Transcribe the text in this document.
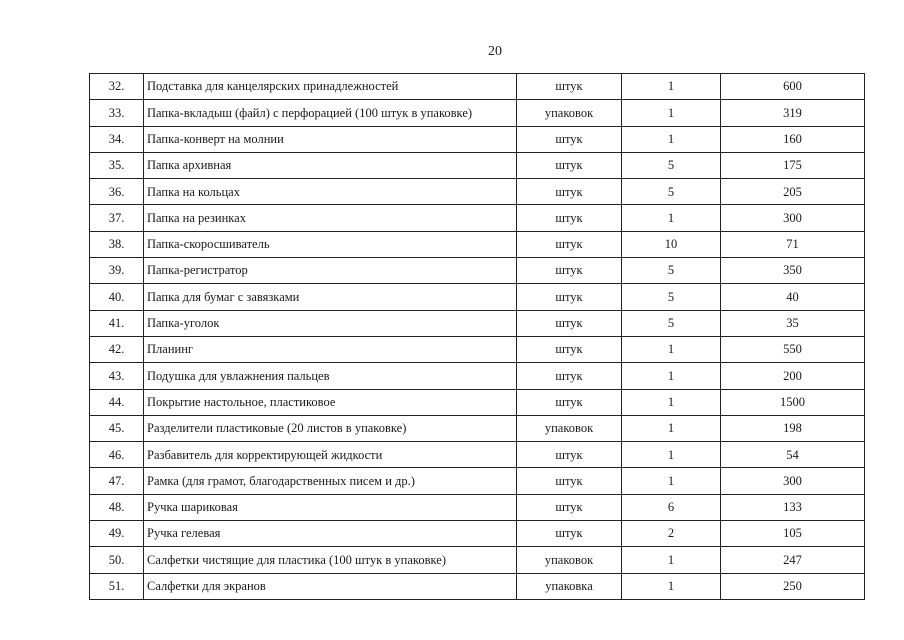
20
32.	Подставка для канцелярских принадлежностей	штук	1	600
33.	Папка-вкладыш (файл) с перфорацией (100 штук в упаковке)	упаковок	1	319
34.	Папка-конверт на молнии	штук	1	160
35.	Папка архивная	штук	5	175
36.	Папка на кольцах	штук	5	205
37.	Папка на резинках	штук	1	300
38.	Папка-скоросшиватель	штук	10	71
39.	Папка-регистратор	штук	5	350
40.	Папка для бумаг с завязками	штук	5	40
41.	Папка-уголок	штук	5	35
42.	Планинг	штук	1	550
43.	Подушка для увлажнения пальцев	штук	1	200
44.	Покрытие настольное, пластиковое	штук	1	1500
45.	Разделители пластиковые (20 листов в упаковке)	упаковок	1	198
46.	Разбавитель для корректирующей жидкости	штук	1	54
47.	Рамка (для грамот, благодарственных писем и др.)	штук	1	300
48.	Ручка шариковая	штук	6	133
49.	Ручка гелевая	штук	2	105
50.	Салфетки чистящие для пластика (100 штук в упаковке)	упаковок	1	247
51.	Салфетки для экранов	упаковка	1	250
